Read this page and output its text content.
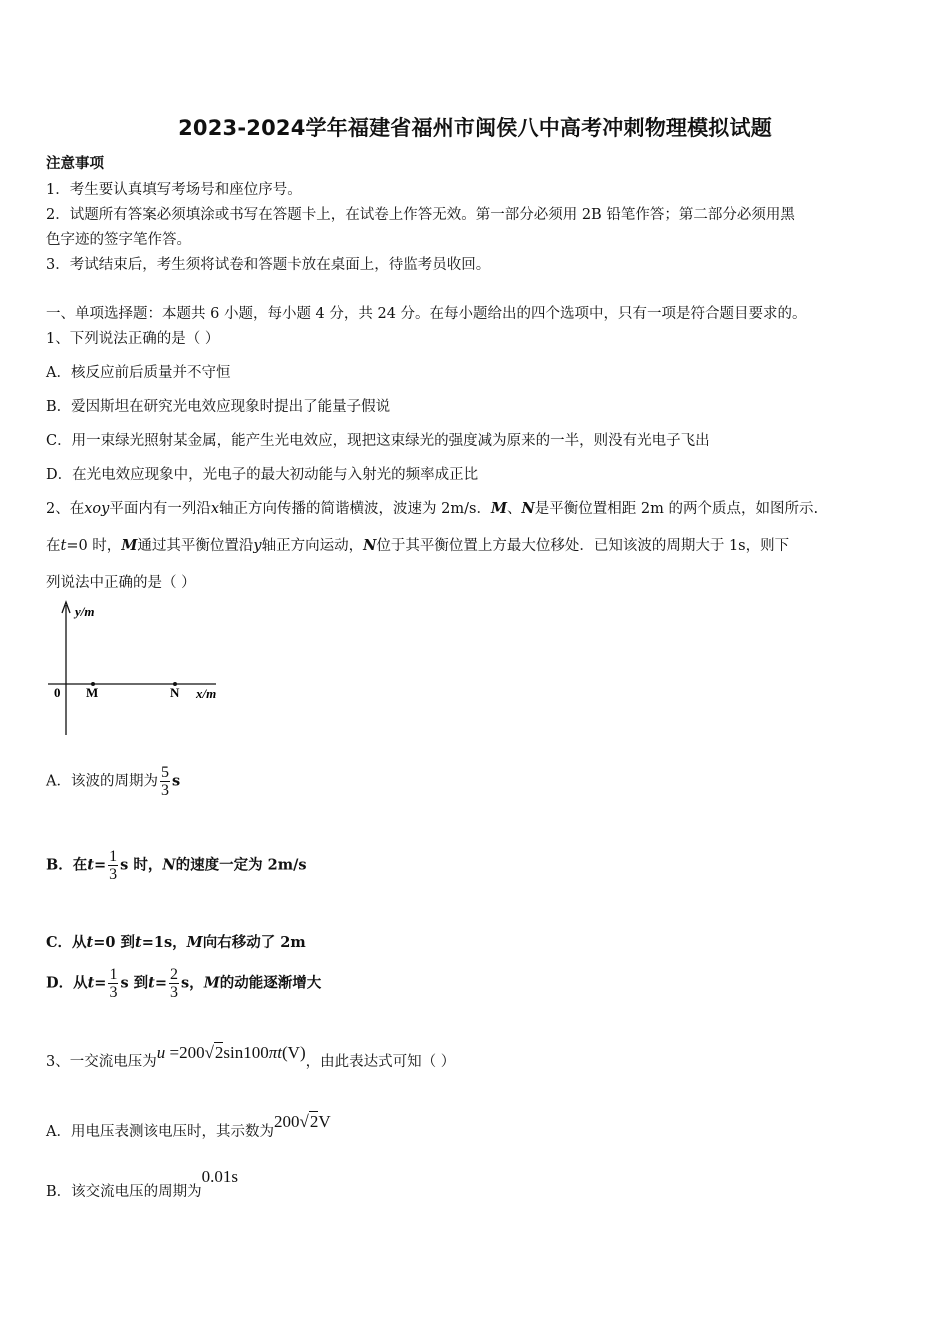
2023-2024学年福建省福州市闽侯八中高考冲刺物理模拟试题
注意事项
1．考生要认真填写考场号和座位序号。
2．试题所有答案必须填涂或书写在答题卡上，在试卷上作答无效。第一部分必须用 2B 铅笔作答；第二部分必须用黑
色字迹的签字笔作答。
3．考试结束后，考生须将试卷和答题卡放在桌面上，待监考员收回。
一、单项选择题：本题共 6 小题，每小题 4 分，共 24 分。在每小题给出的四个选项中，只有一项是符合题目要求的。
1、下列说法正确的是（ ）
A．核反应前后质量并不守恒
B．爱因斯坦在研究光电效应现象时提出了能量子假说
C．用一束绿光照射某金属，能产生光电效应，现把这束绿光的强度减为原来的一半，则没有光电子飞出
D．在光电效应现象中，光电子的最大初动能与入射光的频率成正比
2、在xoy平面内有一列沿x轴正方向传播的简谐横波，波速为 2m/s．M、N是平衡位置相距 2m 的两个质点，如图所示.
在t=0 时，M通过其平衡位置沿y轴正方向运动，N位于其平衡位置上方最大位移处．已知该波的周期大于 1s，则下
列说法中正确的是（ ）
y/m
x/m
0 M	N
A．该波的周期为 $\frac{5}{3}$ s
B．在$t= \frac{1}{3}$ s 时，N的速度一定为 2m/s
C．从t=0 到t=1s，M向右移动了 2m
D．从$t= \frac{1}{3}$ s 到$t= \frac{2}{3}$ s，M的动能逐渐增大
3、一交流电压为u =200√2sin100πt(V)，由此表达式可知（ ）
A．用电压表测该电压时，其示数为200√2V
B．该交流电压的周期为0.01s
